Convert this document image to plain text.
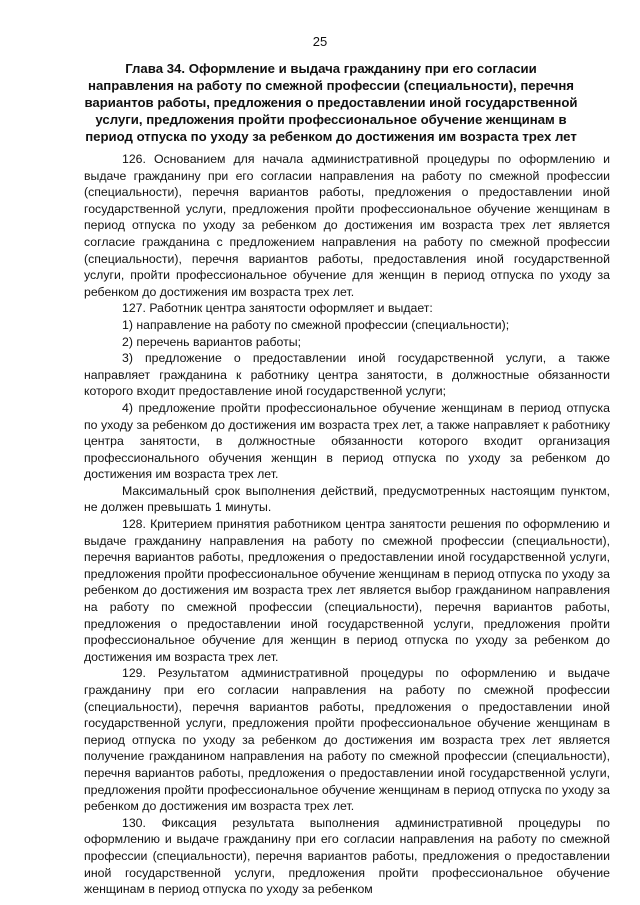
25
Глава 34. Оформление и выдача гражданину при его согласии направления на работу по смежной профессии (специальности), перечня вариантов работы, предложения о предоставлении иной государственной услуги, предложения пройти профессиональное обучение женщинам в период отпуска по уходу за ребенком до достижения им возраста трех лет

126. Основанием для начала административной процедуры по оформлению и выдаче гражданину при его согласии направления на работу по смежной профессии (специальности), перечня вариантов работы, предложения о предоставлении иной государственной услуги, предложения пройти профессиональное обучение женщинам в период отпуска по уходу за ребенком до достижения им возраста трех лет является согласие гражданина с предложением направления на работу по смежной профессии (специальности), перечня вариантов работы, предоставления иной государственной услуги, пройти профессиональное обучение для женщин в период отпуска по уходу за ребенком до достижения им возраста трех лет.

127. Работник центра занятости оформляет и выдает:

1) направление на работу по смежной профессии (специальности);

2) перечень вариантов работы;

3) предложение о предоставлении иной государственной услуги, а также направляет гражданина к работнику центра занятости, в должностные обязанности которого входит предоставление иной государственной услуги;

4) предложение пройти профессиональное обучение женщинам в период отпуска по уходу за ребенком до достижения им возраста трех лет, а также направляет к работнику центра занятости, в должностные обязанности которого входит организация профессионального обучения женщин в период отпуска по уходу за ребенком до достижения им возраста трех лет.

Максимальный срок выполнения действий, предусмотренных настоящим пунктом, не должен превышать 1 минуты.

128. Критерием принятия работником центра занятости решения по оформлению и выдаче гражданину направления на работу по смежной профессии (специальности), перечня вариантов работы, предложения о предоставлении иной государственной услуги, предложения пройти профессиональное обучение женщинам в период отпуска по уходу за ребенком до достижения им возраста трех лет является выбор гражданином направления на работу по смежной профессии (специальности), перечня вариантов работы, предложения о предоставлении иной государственной услуги, предложения пройти профессиональное обучение для женщин в период отпуска по уходу за ребенком до достижения им возраста трех лет.

129. Результатом административной процедуры по оформлению и выдаче гражданину при его согласии направления на работу по смежной профессии (специальности), перечня вариантов работы, предложения о предоставлении иной государственной услуги, предложения пройти профессиональное обучение женщинам в период отпуска по уходу за ребенком до достижения им возраста трех лет является получение гражданином направления на работу по смежной профессии (специальности), перечня вариантов работы, предложения о предоставлении иной государственной услуги, предложения пройти профессиональное обучение женщинам в период отпуска по уходу за ребенком до достижения им возраста трех лет.

130. Фиксация результата выполнения административной процедуры по оформлению и выдаче гражданину при его согласии направления на работу по смежной профессии (специальности), перечня вариантов работы, предложения о предоставлении иной государственной услуги, предложения пройти профессиональное обучение женщинам в период отпуска по уходу за ребенком
